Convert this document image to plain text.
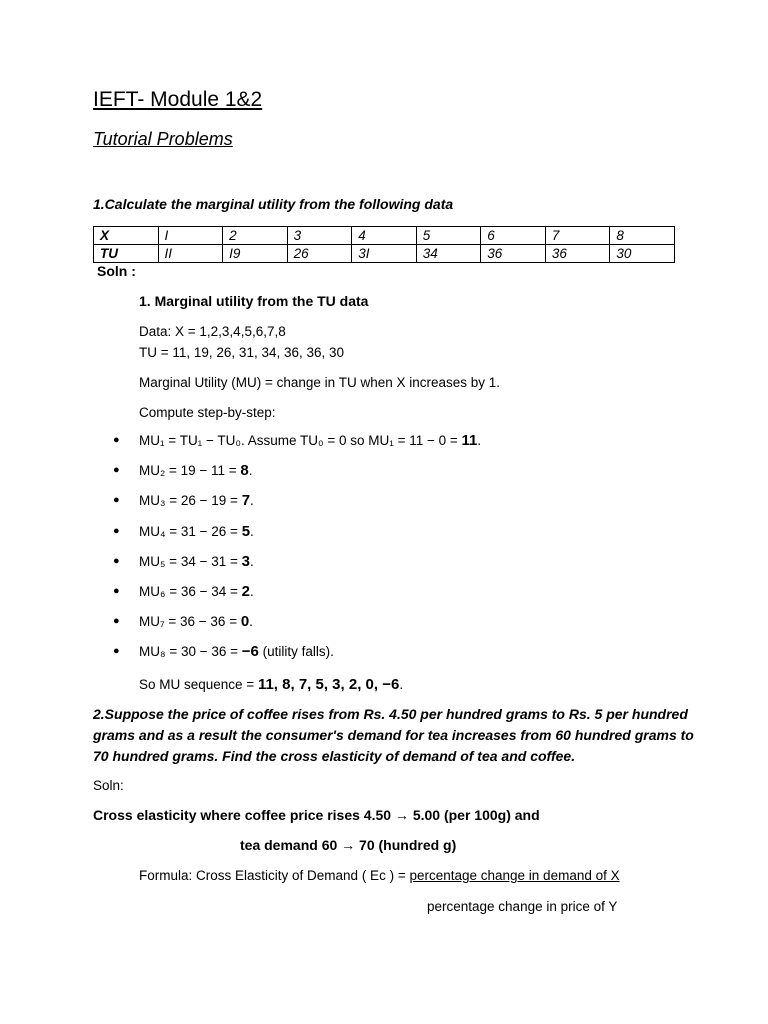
IEFT- Module 1&2
Tutorial Problems
1.Calculate the marginal utility from the following data
X	I	2	3	4	5	6	7	8
TU	II	I9	26	3I	34	36	36	30
Soln :
1. Marginal utility from the TU data
Data: X = 1,2,3,4,5,6,7,8
TU = 11, 19, 26, 31, 34, 36, 36, 30
Marginal Utility (MU) = change in TU when X increases by 1.
Compute step-by-step:
● MU₁ = TU₁ − TU₀. Assume TU₀ = 0 so MU₁ = 11 − 0 = 11.
● MU₂ = 19 − 11 = 8.
● MU₃ = 26 − 19 = 7.
● MU₄ = 31 − 26 = 5.
● MU₅ = 34 − 31 = 3.
● MU₆ = 36 − 34 = 2.
● MU₇ = 36 − 36 = 0.
● MU₈ = 30 − 36 = −6 (utility falls).
So MU sequence = 11, 8, 7, 5, 3, 2, 0, −6.
2.Suppose the price of coffee rises from Rs. 4.50 per hundred grams to Rs. 5 per hundred
grams and as a result the consumer's demand for tea increases from 60 hundred grams to
70 hundred grams. Find the cross elasticity of demand of tea and coffee.
Soln:
Cross elasticity where coffee price rises 4.50 → 5.00 (per 100g) and
tea demand 60 → 70 (hundred g)
Formula: Cross Elasticity of Demand ( Ec ) = percentage change in demand of X
percentage change in price of Y
